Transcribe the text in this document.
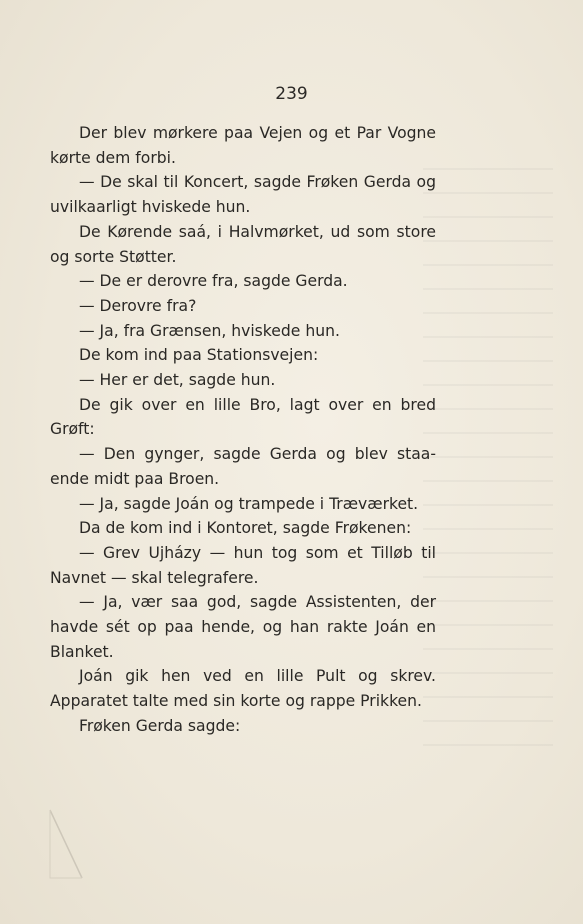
239

Der blev mørkere paa Vejen og et Par Vogne kørte dem forbi.

— De skal til Koncert, sagde Frøken Gerda og uvilkaarligt hviskede hun.

De Kørende saá, i Halvmørket, ud som store og sorte Støtter.

— De er derovre fra, sagde Gerda.

— Derovre fra?

— Ja, fra Grænsen, hviskede hun.

De kom ind paa Stationsvejen:

— Her er det, sagde hun.

De gik over en lille Bro, lagt over en bred Grøft:

— Den gynger, sagde Gerda og blev staa-ende midt paa Broen.

— Ja, sagde Joán og trampede i Træværket.

Da de kom ind i Kontoret, sagde Frøkenen:

— Grev Ujházy — hun tog som et Tilløb til Navnet — skal telegrafere.

— Ja, vær saa god, sagde Assistenten, der havde sét op paa hende, og han rakte Joán en Blanket.

Joán gik hen ved en lille Pult og skrev. Apparatet talte med sin korte og rappe Prikken.

Frøken Gerda sagde:
